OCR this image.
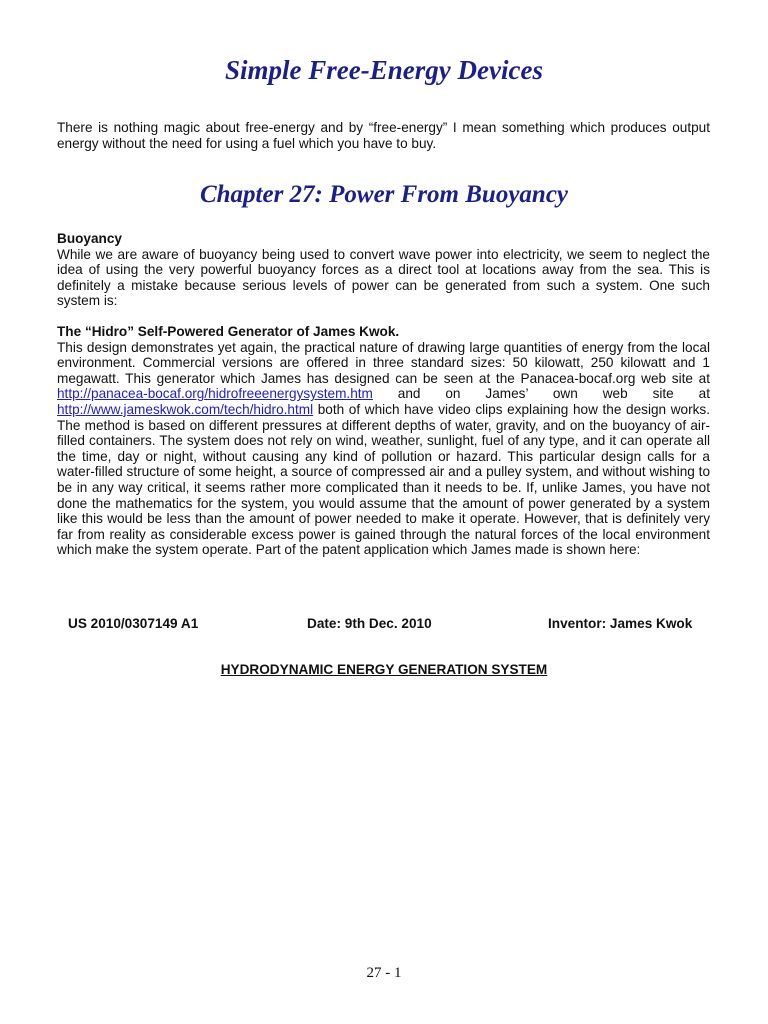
Simple Free-Energy Devices

There is nothing magic about free-energy and by “free-energy” I mean something which produces output energy without the need for using a fuel which you have to buy.

Chapter 27: Power From Buoyancy
Buoyancy
While we are aware of buoyancy being used to convert wave power into electricity, we seem to neglect the idea of using the very powerful buoyancy forces as a direct tool at locations away from the sea. This is definitely a mistake because serious levels of power can be generated from such a system. One such system is:
The “Hidro” Self-Powered Generator of James Kwok.
This design demonstrates yet again, the practical nature of drawing large quantities of energy from the local environment. Commercial versions are offered in three standard sizes: 50 kilowatt, 250 kilowatt and 1 megawatt. This generator which James has designed can be seen at the Panacea-bocaf.org web site at http://panacea-bocaf.org/hidrofreeenergysystem.htm and on James’ own web site at http://www.jameskwok.com/tech/hidro.html both of which have video clips explaining how the design works. The method is based on different pressures at different depths of water, gravity, and on the buoyancy of air-filled containers. The system does not rely on wind, weather, sunlight, fuel of any type, and it can operate all the time, day or night, without causing any kind of pollution or hazard. This particular design calls for a water-filled structure of some height, a source of compressed air and a pulley system, and without wishing to be in any way critical, it seems rather more complicated than it needs to be. If, unlike James, you have not done the mathematics for the system, you would assume that the amount of power generated by a system like this would be less than the amount of power needed to make it operate. However, that is definitely very far from reality as considerable excess power is gained through the natural forces of the local environment which make the system operate. Part of the patent application which James made is shown here:
US 2010/0307149 A1	Date: 9th Dec. 2010	Inventor: James Kwok
HYDRODYNAMIC ENERGY GENERATION SYSTEM
27 - 1
